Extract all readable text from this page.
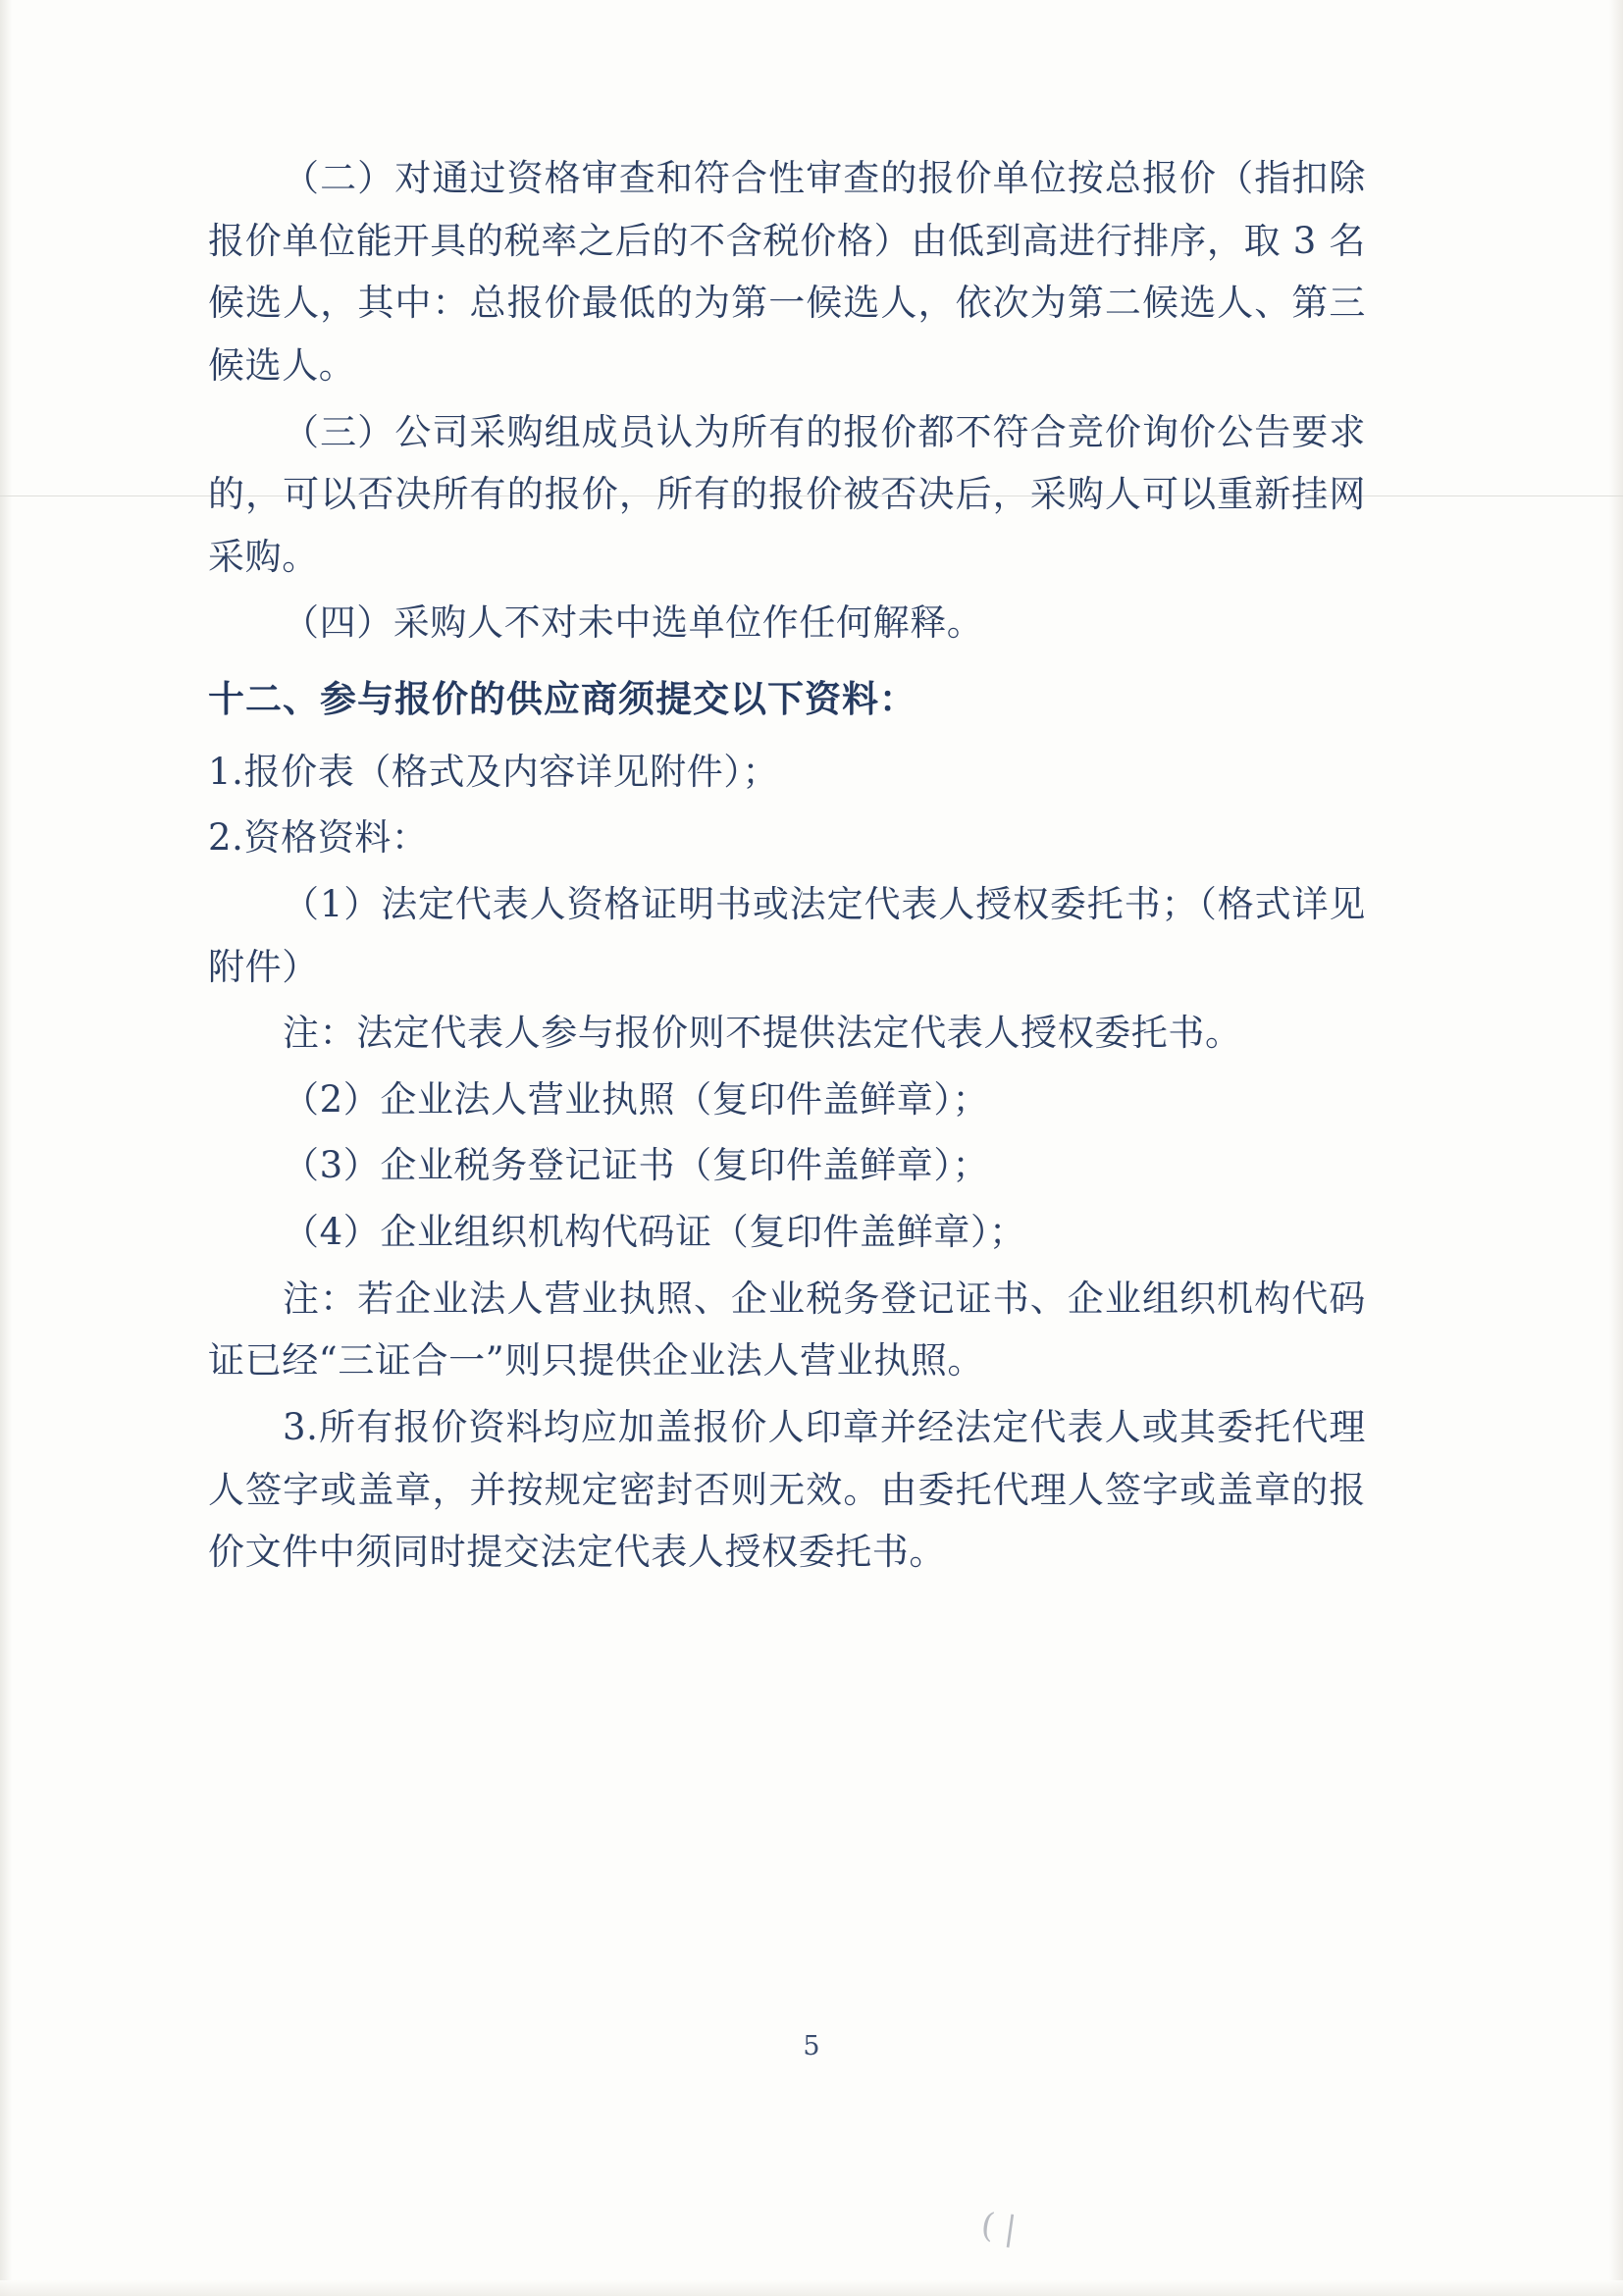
（二）对通过资格审查和符合性审查的报价单位按总报价（指扣除报价单位能开具的税率之后的不含税价格）由低到高进行排序，取 3 名候选人，其中：总报价最低的为第一候选人，依次为第二候选人、第三候选人。

（三）公司采购组成员认为所有的报价都不符合竞价询价公告要求的，可以否决所有的报价，所有的报价被否决后，采购人可以重新挂网采购。

（四）采购人不对未中选单位作任何解释。

十二、参与报价的供应商须提交以下资料：

1.报价表（格式及内容详见附件）；

2.资格资料：

（1）法定代表人资格证明书或法定代表人授权委托书；（格式详见附件）

注：法定代表人参与报价则不提供法定代表人授权委托书。

（2）企业法人营业执照（复印件盖鲜章）；

（3）企业税务登记证书（复印件盖鲜章）；

（4）企业组织机构代码证（复印件盖鲜章）；

注：若企业法人营业执照、企业税务登记证书、企业组织机构代码证已经“三证合一”则只提供企业法人营业执照。

3.所有报价资料均应加盖报价人印章并经法定代表人或其委托代理人签字或盖章，并按规定密封否则无效。由委托代理人签字或盖章的报价文件中须同时提交法定代表人授权委托书。

5
( |
